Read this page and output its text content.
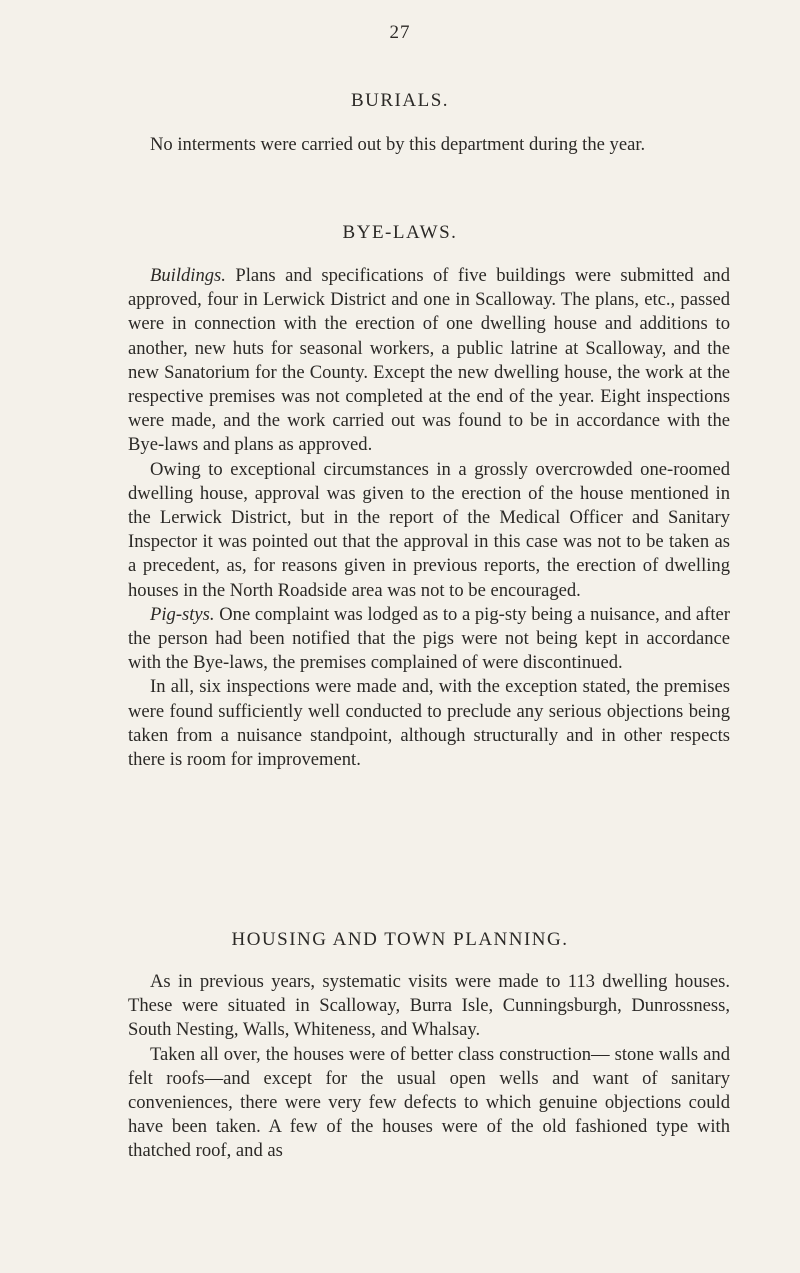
27
BURIALS.

No interments were carried out by this department during the year.

BYE-LAWS.

Buildings. Plans and specifications of five buildings were submitted and approved, four in Lerwick District and one in Scalloway. The plans, etc., passed were in connection with the erection of one dwelling house and additions to another, new huts for seasonal workers, a public latrine at Scalloway, and the new Sanatorium for the County. Except the new dwelling house, the work at the respective premises was not completed at the end of the year. Eight inspections were made, and the work carried out was found to be in accordance with the Bye-laws and plans as approved.

Owing to exceptional circumstances in a grossly overcrowded one-roomed dwelling house, approval was given to the erection of the house mentioned in the Lerwick District, but in the report of the Medical Officer and Sanitary Inspector it was pointed out that the approval in this case was not to be taken as a precedent, as, for reasons given in previous reports, the erection of dwelling houses in the North Roadside area was not to be encouraged.

Pig-stys. One complaint was lodged as to a pig-sty being a nuisance, and after the person had been notified that the pigs were not being kept in accordance with the Bye-laws, the premises complained of were discontinued.

In all, six inspections were made and, with the exception stated, the premises were found sufficiently well conducted to preclude any serious objections being taken from a nuisance standpoint, although structurally and in other respects there is room for improvement.

HOUSING AND TOWN PLANNING.

As in previous years, systematic visits were made to 113 dwelling houses. These were situated in Scalloway, Burra Isle, Cunningsburgh, Dunrossness, South Nesting, Walls, Whiteness, and Whalsay.

Taken all over, the houses were of better class construction— stone walls and felt roofs—and except for the usual open wells and want of sanitary conveniences, there were very few defects to which genuine objections could have been taken. A few of the houses were of the old fashioned type with thatched roof, and as
